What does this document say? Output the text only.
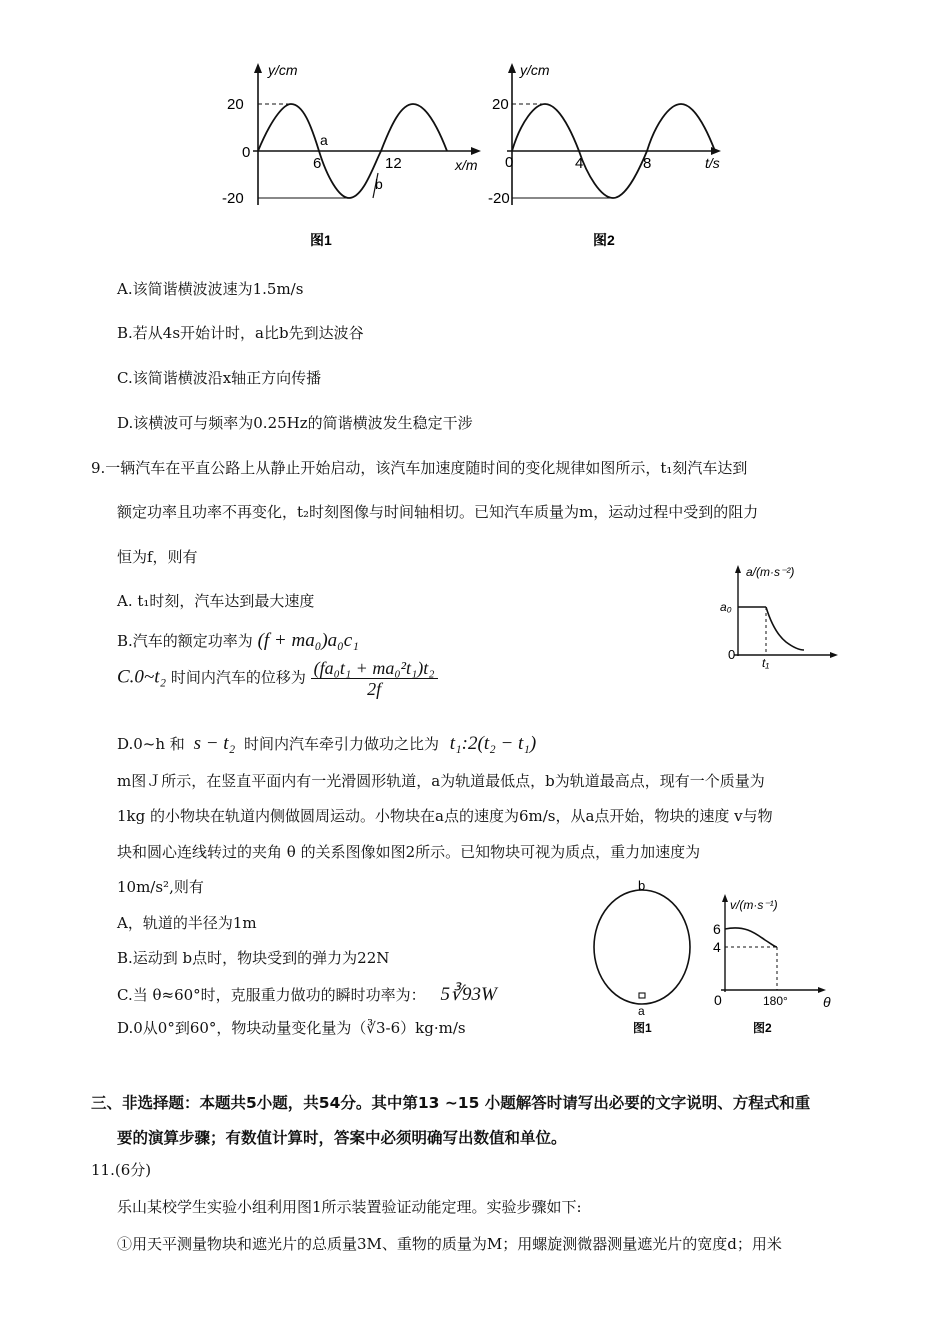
y/cm
x/m
20
0
-20
6	12
a
b
图1
y/cm
t/s
20
0
-20
4	8
图2
A.该简谐横波波速为1.5m/s
B.若从4s开始计时，a比b先到达波谷
C.该简谐横波沿x轴正方向传播
D.该横波可与频率为0.25Hz的简谐横波发生稳定干涉
9.一辆汽车在平直公路上从静止开始启动，该汽车加速度随时间的变化规律如图所示，t₁刻汽车达到
额定功率且功率不再变化，t₂时刻图像与时间轴相切。已知汽车质量为m，运动过程中受到的阻力
恒为f，则有
A. t₁时刻，汽车达到最大速度
B.汽车的额定功率为 (f + ma₀)a₀c₁
C.0~t₂ 时间内汽车的位移为 $\frac{\text{(fa₀t₁ + ma₀²t₁)t₂}}{2f}$
D.0~h 和 s − t₂ 时间内汽车牵引力做功之比为 t₁:2(t₂ − t₁)
a/(m·s⁻²)
a₀
0
t₁
m图Ｊ所示，在竖直平面内有一光滑圆形轨道，a为轨道最低点，b为轨道最高点，现有一个质量为
1kg 的小物块在轨道内侧做圆周运动。小物块在a点的速度为6m/s，从a点开始，物块的速度 v与物
块和圆心连线转过的夹角 θ 的关系图像如图2所示。已知物块可视为质点，重力加速度为
10m/s²,则有
A，轨道的半径为1m
B.运动到 b点时，物块受到的弹力为22N
C.当 θ≈60°时，克服重力做功的瞬时功率为： 5∛93W
D.0从0°到60°，物块动量变化量为（∛3-6）kg·m/s
b
a
图1
v/(m·s⁻¹)
6
4
0	180°	θ
图2
三、非选择题：本题共5小题，共54分。其中第13 ~15 小题解答时请写出必要的文字说明、方程式和重
要的演算步骤；有数值计算时，答案中必须明确写出数值和单位。
11.(6分)
乐山某校学生实验小组利用图1所示装置验证动能定理。实验步骤如下:
①用天平测量物块和遮光片的总质量3M、重物的质量为M；用螺旋测微器测量遮光片的宽度d；用米
